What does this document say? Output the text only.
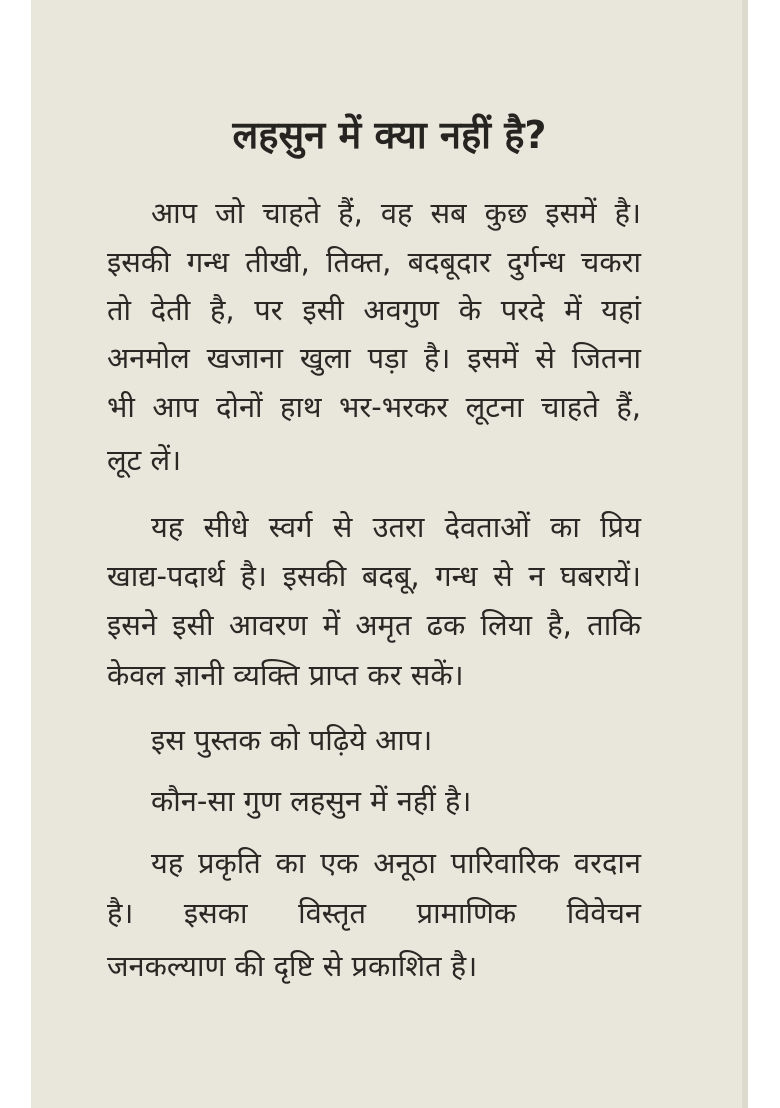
लहसुन में क्या नहीं है?
आप जो चाहते हैं, वह सब कुछ इसमें है।
इसकी गन्ध तीखी, तिक्त, बदबूदार दुर्गन्ध चकरा
तो देती है, पर इसी अवगुण के परदे में यहां
अनमोल खजाना खुला पड़ा है। इसमें से जितना
भी आप दोनों हाथ भर-भरकर लूटना चाहते हैं,
लूट लें।
यह सीधे स्वर्ग से उतरा देवताओं का प्रिय
खाद्य-पदार्थ है। इसकी बदबू, गन्ध से न घबरायें।
इसने इसी आवरण में अमृत ढक लिया है, ताकि
केवल ज्ञानी व्यक्ति प्राप्त कर सकें।
इस पुस्तक को पढ़िये आप।
कौन-सा गुण लहसुन में नहीं है।
यह प्रकृति का एक अनूठा पारिवारिक वरदान
है। इसका विस्तृत प्रामाणिक विवेचन
जनकल्याण की दृष्टि से प्रकाशित है।
